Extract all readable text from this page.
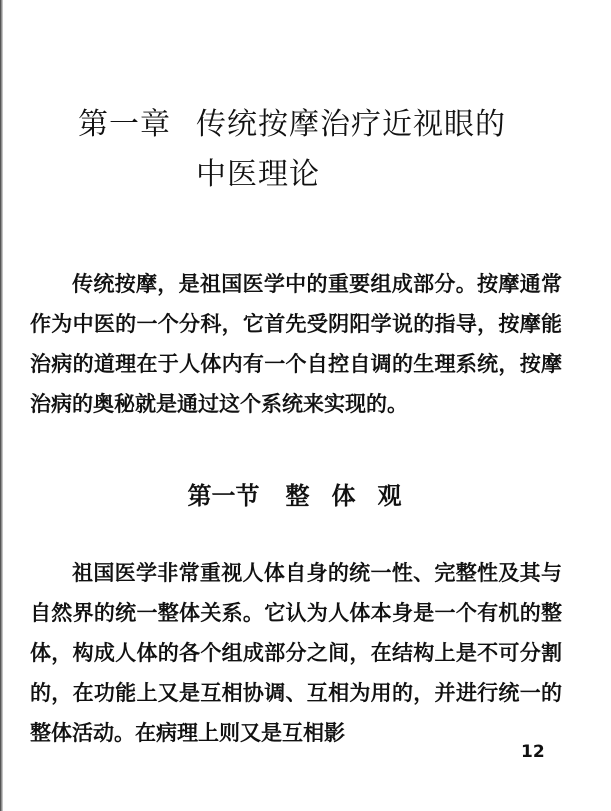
第一章 传统按摩治疗近视眼的
中医理论

传统按摩，是祖国医学中的重要组成部分。按摩通常作为中医的一个分科，它首先受阴阳学说的指导，按摩能治病的道理在于人体内有一个自控自调的生理系统，按摩治病的奥秘就是通过这个系统来实现的。

第一节 整体观

祖国医学非常重视人体自身的统一性、完整性及其与自然界的统一整体关系。它认为人体本身是一个有机的整体，构成人体的各个组成部分之间，在结构上是不可分割的，在功能上又是互相协调、互相为用的，并进行统一的整体活动。在病理上则又是互相影

12
